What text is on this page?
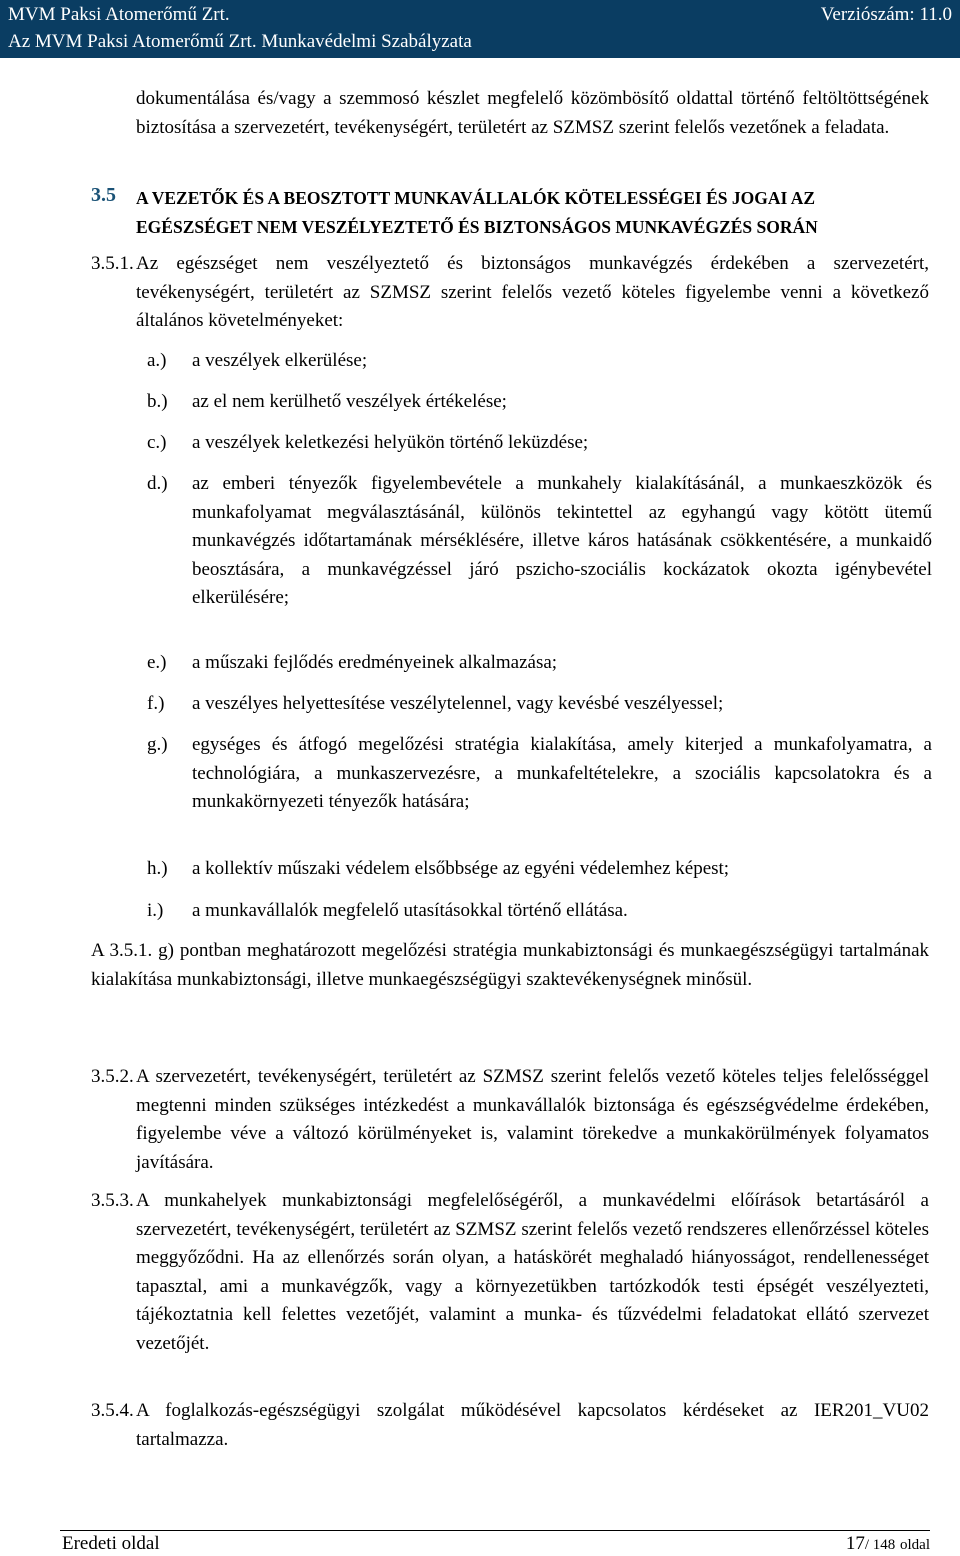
MVM Paksi Atomerőmű Zrt.	Verziószám: 11.0
Az MVM Paksi Atomerőmű Zrt. Munkavédelmi Szabályzata

dokumentálása és/vagy a szemmosó készlet megfelelő közömbösítő oldattal történő feltöltöttségének biztosítása a szervezetért, tevékenységért, területért az SZMSZ szerint felelős vezetőnek a feladata.

3.5 A VEZETŐK ÉS A BEOSZTOTT MUNKAVÁLLALÓK KÖTELESSÉGEI ÉS JOGAI AZ EGÉSZSÉGET NEM VESZÉLYEZTETŐ ÉS BIZTONSÁGOS MUNKAVÉGZÉS SORÁN
3.5.1. Az egészséget nem veszélyeztető és biztonságos munkavégzés érdekében a szervezetért, tevékenységért, területért az SZMSZ szerint felelős vezető köteles figyelembe venni a következő általános követelményeket:

a.) a veszélyek elkerülése;
b.) az el nem kerülhető veszélyek értékelése;
c.) a veszélyek keletkezési helyükön történő leküzdése;
d.) az emberi tényezők figyelembevétele a munkahely kialakításánál, a munkaeszközök és munkafolyamat megválasztásánál, különös tekintettel az egyhangú vagy kötött ütemű munkavégzés időtartamának mérséklésére, illetve káros hatásának csökkentésére, a munkaidő beosztására, a munkavégzéssel járó pszicho-szociális kockázatok okozta igénybevétel elkerülésére;
e.) a műszaki fejlődés eredményeinek alkalmazása;
f.) a veszélyes helyettesítése veszélytelennel, vagy kevésbé veszélyessel;
g.) egységes és átfogó megelőzési stratégia kialakítása, amely kiterjed a munkafolyamatra, a technológiára, a munkaszervezésre, a munkafeltételekre, a szociális kapcsolatokra és a munkakörnyezeti tényezők hatására;
h.) a kollektív műszaki védelem elsőbbsége az egyéni védelemhez képest;
i.) a munkavállalók megfelelő utasításokkal történő ellátása.

A 3.5.1. g) pontban meghatározott megelőzési stratégia munkabiztonsági és munkaegészségügyi tartalmának kialakítása munkabiztonsági, illetve munkaegészségügyi szaktevékenységnek minősül.

3.5.2. A szervezetért, tevékenységért, területért az SZMSZ szerint felelős vezető köteles teljes felelősséggel megtenni minden szükséges intézkedést a munkavállalók biztonsága és egészségvédelme érdekében, figyelembe véve a változó körülményeket is, valamint törekedve a munkakörülmények folyamatos javítására.

3.5.3. A munkahelyek munkabiztonsági megfelelőségéről, a munkavédelmi előírások betartásáról a szervezetért, tevékenységért, területért az SZMSZ szerint felelős vezető rendszeres ellenőrzéssel köteles meggyőződni. Ha az ellenőrzés során olyan, a hatáskörét meghaladó hiányosságot, rendellenességet tapasztal, ami a munkavégzők, vagy a környezetükben tartózkodók testi épségét veszélyezteti, tájékoztatnia kell felettes vezetőjét, valamint a munka- és tűzvédelmi feladatokat ellátó szervezet vezetőjét.

3.5.4. A foglalkozás-egészségügyi szolgálat működésével kapcsolatos kérdéseket az IER201_VU02 tartalmazza.

Eredeti oldal	17/ 148 oldal
